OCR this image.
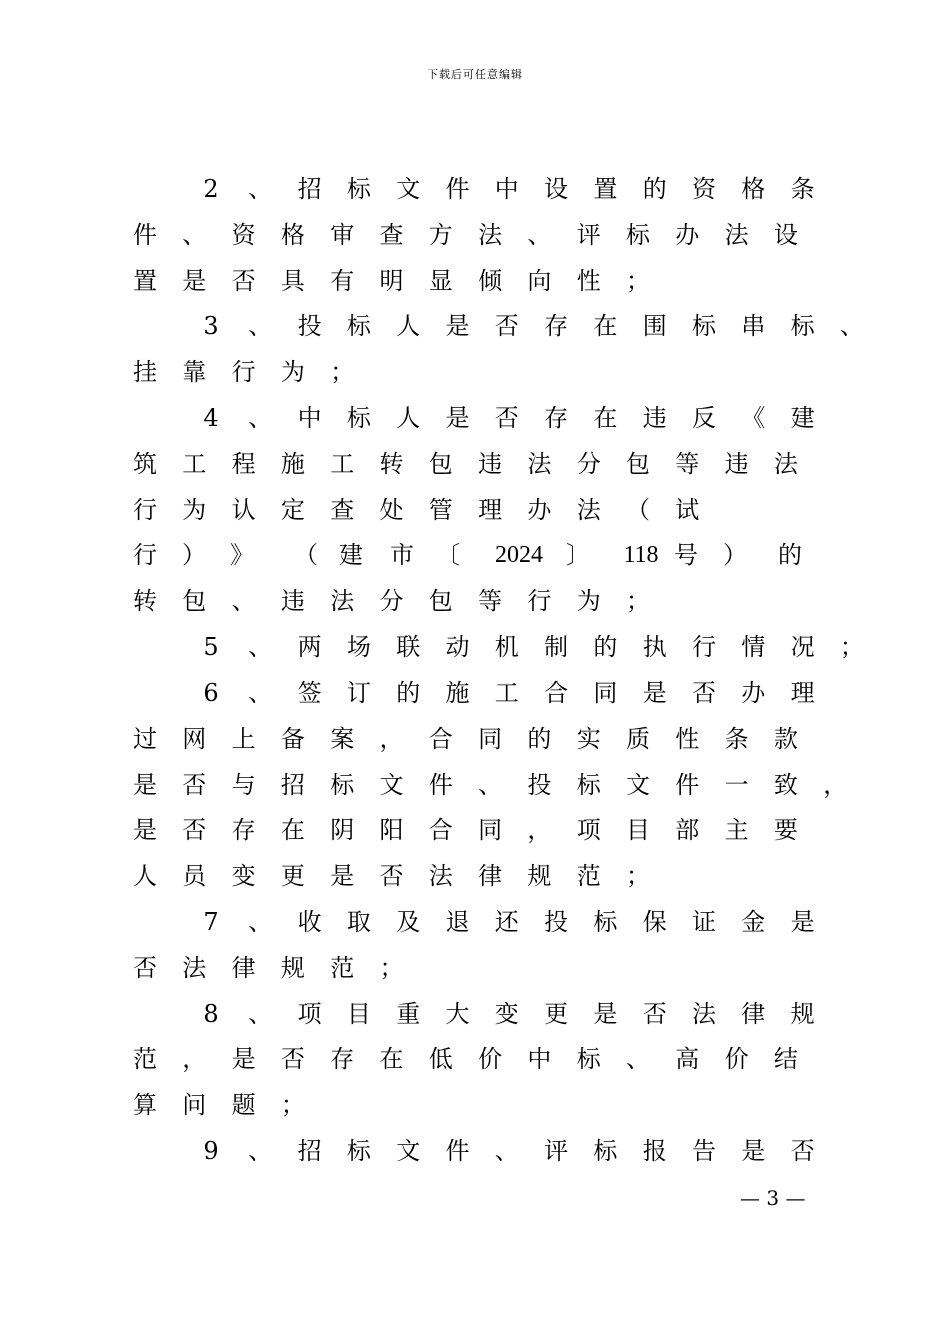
下载后可任意编辑
2 、 招 标 文 件 中 设 置 的 资 格 条
件 、 资 格 审 查 方 法 、 评 标 办 法 设
置 是 否 具 有 明 显 倾 向 性 ；
3 、 投 标 人 是 否 存 在 围 标 串 标 、
挂 靠 行 为 ；
4 、 中 标 人 是 否 存 在 违 反 《 建
筑 工 程 施 工 转 包 违 法 分 包 等 违 法
行 为 认 定 查 处 管 理 办 法 （ 试
行 ） 》 （ 建 市 〔 2024 〕 118 号 ） 的
转 包 、 违 法 分 包 等 行 为 ；
5 、 两 场 联 动 机 制 的 执 行 情 况 ；
6 、 签 订 的 施 工 合 同 是 否 办 理
过 网 上 备 案 ， 合 同 的 实 质 性 条 款
是 否 与 招 标 文 件 、 投 标 文 件 一 致 ，
是 否 存 在 阴 阳 合 同 ， 项 目 部 主 要
人 员 变 更 是 否 法 律 规 范 ；
7 、 收 取 及 退 还 投 标 保 证 金 是
否 法 律 规 范 ；
8 、 项 目 重 大 变 更 是 否 法 律 规
范 ， 是 否 存 在 低 价 中 标 、 高 价 结
算 问 题 ；
9 、 招 标 文 件 、 评 标 报 告 是 否
— 3 —
